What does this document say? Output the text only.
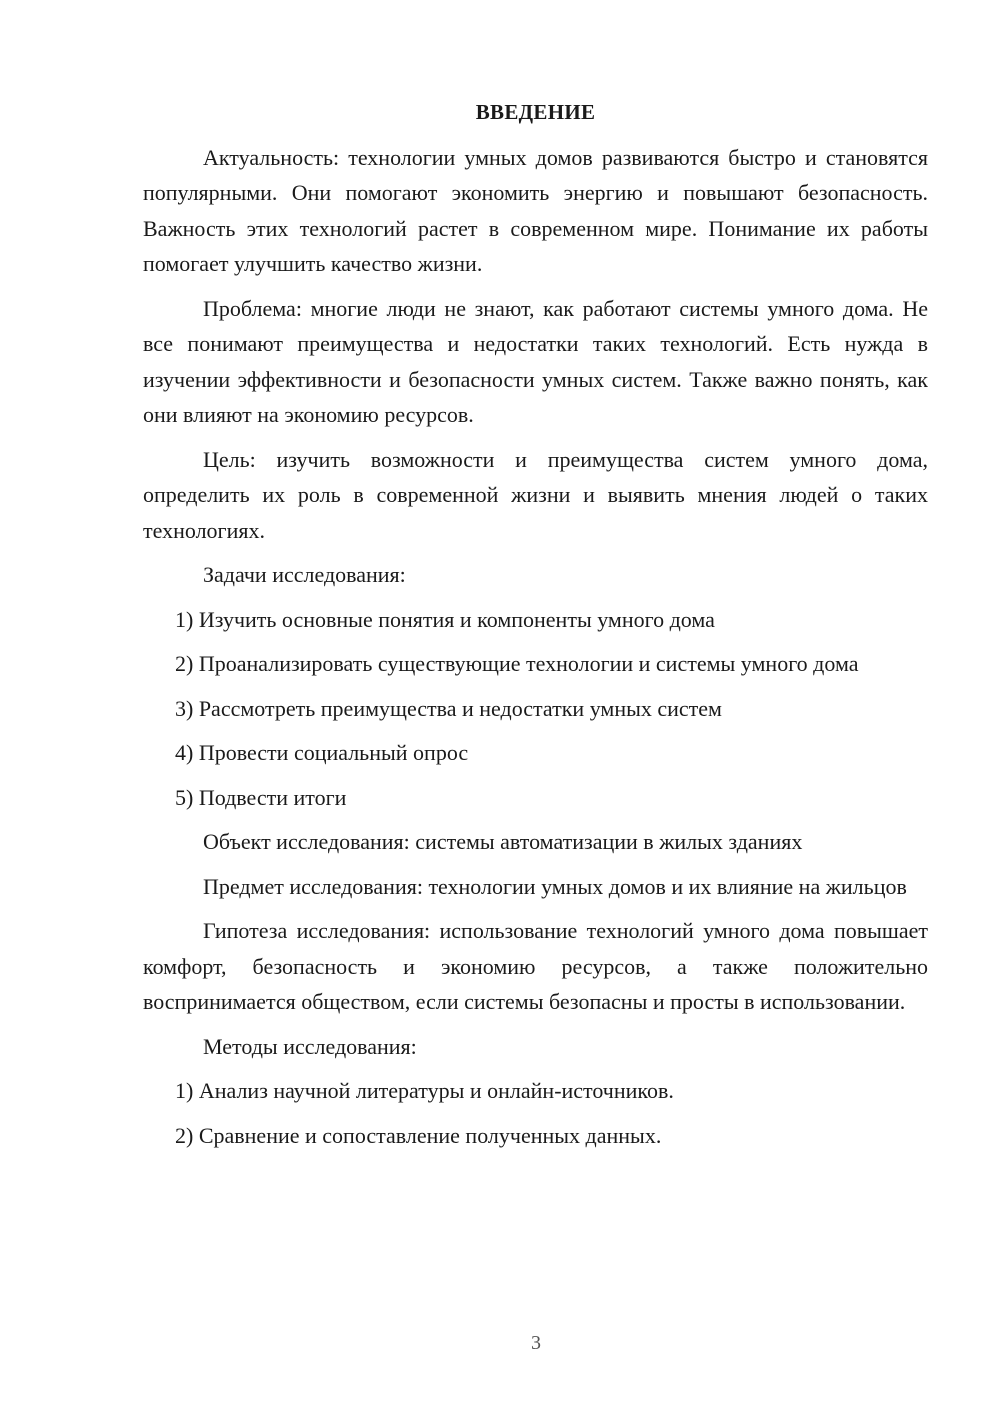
ВВЕДЕНИЕ
Актуальность: технологии умных домов развиваются быстро и становятся популярными. Они помогают экономить энергию и повышают безопасность. Важность этих технологий растет в современном мире. Понимание их работы помогает улучшить качество жизни.
Проблема: многие люди не знают, как работают системы умного дома. Не все понимают преимущества и недостатки таких технологий. Есть нужда в изучении эффективности и безопасности умных систем. Также важно понять, как они влияют на экономию ресурсов.
Цель: изучить возможности и преимущества систем умного дома, определить их роль в современной жизни и выявить мнения людей о таких технологиях.
Задачи исследования:
1) Изучить основные понятия и компоненты умного дома
2) Проанализировать существующие технологии и системы умного дома
3) Рассмотреть преимущества и недостатки умных систем
4) Провести социальный опрос
5) Подвести итоги
Объект исследования: системы автоматизации в жилых зданиях
Предмет исследования: технологии умных домов и их влияние на жильцов
Гипотеза исследования: использование технологий умного дома повышает комфорт, безопасность и экономию ресурсов, а также положительно воспринимается обществом, если системы безопасны и просты в использовании.
Методы исследования:
1) Анализ научной литературы и онлайн-источников.
2) Сравнение и сопоставление полученных данных.
3
